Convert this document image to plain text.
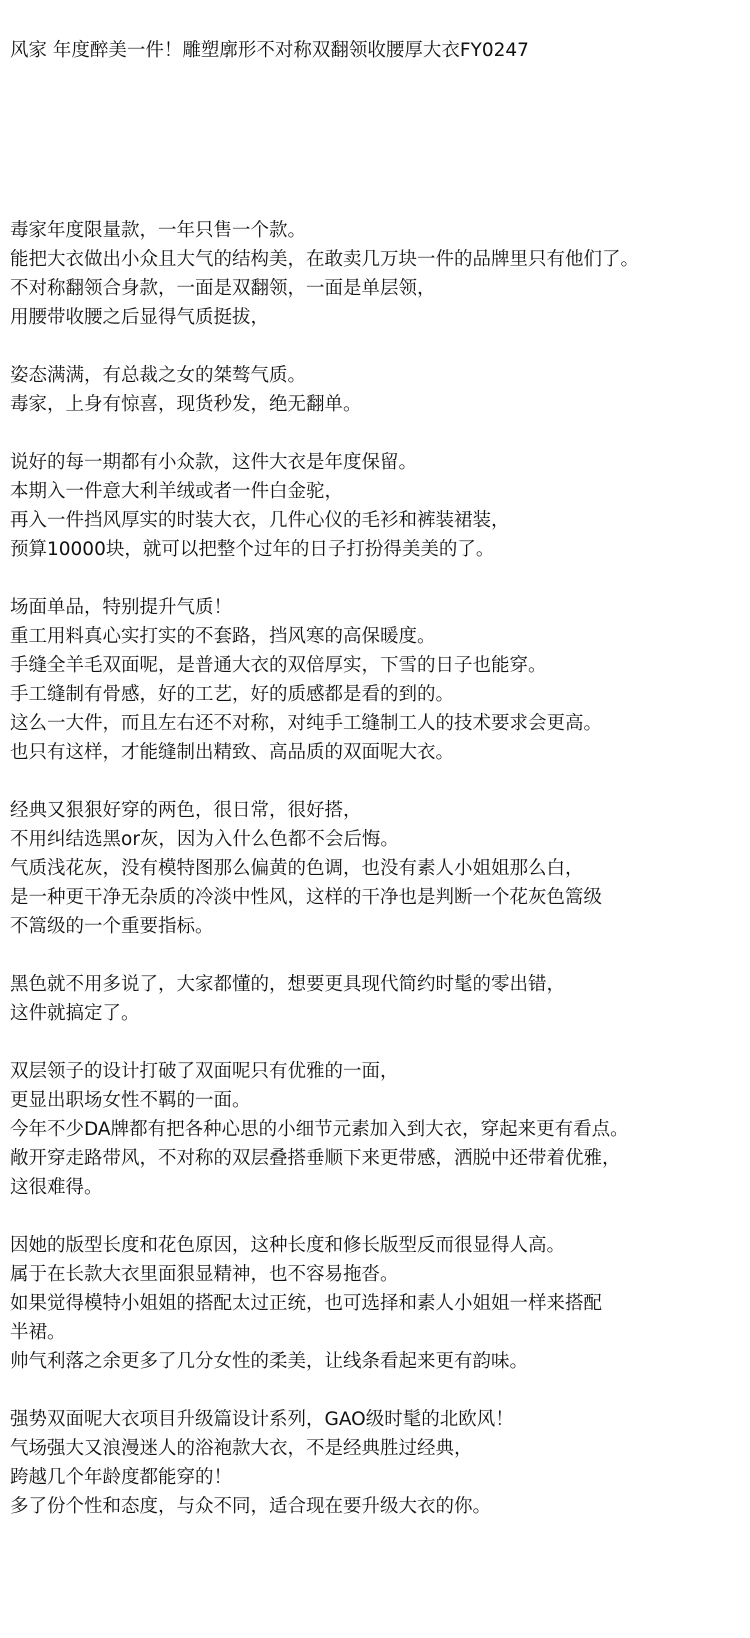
风家 年度醉美一件！雕塑廓形不对称双翻领收腰厚大衣FY0247
毒家年度限量款，一年只售一个款。
能把大衣做出小众且大气的结构美，在敢卖几万块一件的品牌里只有他们了。
不对称翻领合身款，一面是双翻领，一面是单层领，
用腰带收腰之后显得气质挺拔，
姿态满满，有总裁之女的桀骜气质。
毒家，上身有惊喜，现货秒发，绝无翻单。
说好的每一期都有小众款，这件大衣是年度保留。
本期入一件意大利羊绒或者一件白金驼，
再入一件挡风厚实的时装大衣，几件心仪的毛衫和裤装裙装，
预算10000块，就可以把整个过年的日子打扮得美美的了。
场面单品，特别提升气质！
重工用料真心实打实的不套路，挡风寒的高保暖度。
手缝全羊毛双面呢，是普通大衣的双倍厚实，下雪的日子也能穿。
手工缝制有骨感，好的工艺，好的质感都是看的到的。
这么一大件，而且左右还不对称，对纯手工缝制工人的技术要求会更高。
也只有这样，才能缝制出精致、高品质的双面呢大衣。
经典又狠狠好穿的两色，很日常，很好搭，
不用纠结选黑or灰，因为入什么色都不会后悔。
气质浅花灰，没有模特图那么偏黄的色调，也没有素人小姐姐那么白，
是一种更干净无杂质的冷淡中性风，这样的干净也是判断一个花灰色篙级
不篙级的一个重要指标。
黑色就不用多说了，大家都懂的，想要更具现代简约时髦的零出错，
这件就搞定了。
双层领子的设计打破了双面呢只有优雅的一面，
更显出职场女性不羁的一面。
今年不少DA牌都有把各种心思的小细节元素加入到大衣，穿起来更有看点。
敞开穿走路带风，不对称的双层叠搭垂顺下来更带感，洒脱中还带着优雅，
这很难得。
因她的版型长度和花色原因，这种长度和修长版型反而很显得人高。
属于在长款大衣里面狠显精神，也不容易拖沓。
如果觉得模特小姐姐的搭配太过正统，也可选择和素人小姐姐一样来搭配
半裙。
帅气利落之余更多了几分女性的柔美，让线条看起来更有韵味。
强势双面呢大衣项目升级篇设计系列，GAO级时髦的北欧风！
气场强大又浪漫迷人的浴袍款大衣，不是经典胜过经典，
跨越几个年龄度都能穿的！
多了份个性和态度，与众不同，适合现在要升级大衣的你。
